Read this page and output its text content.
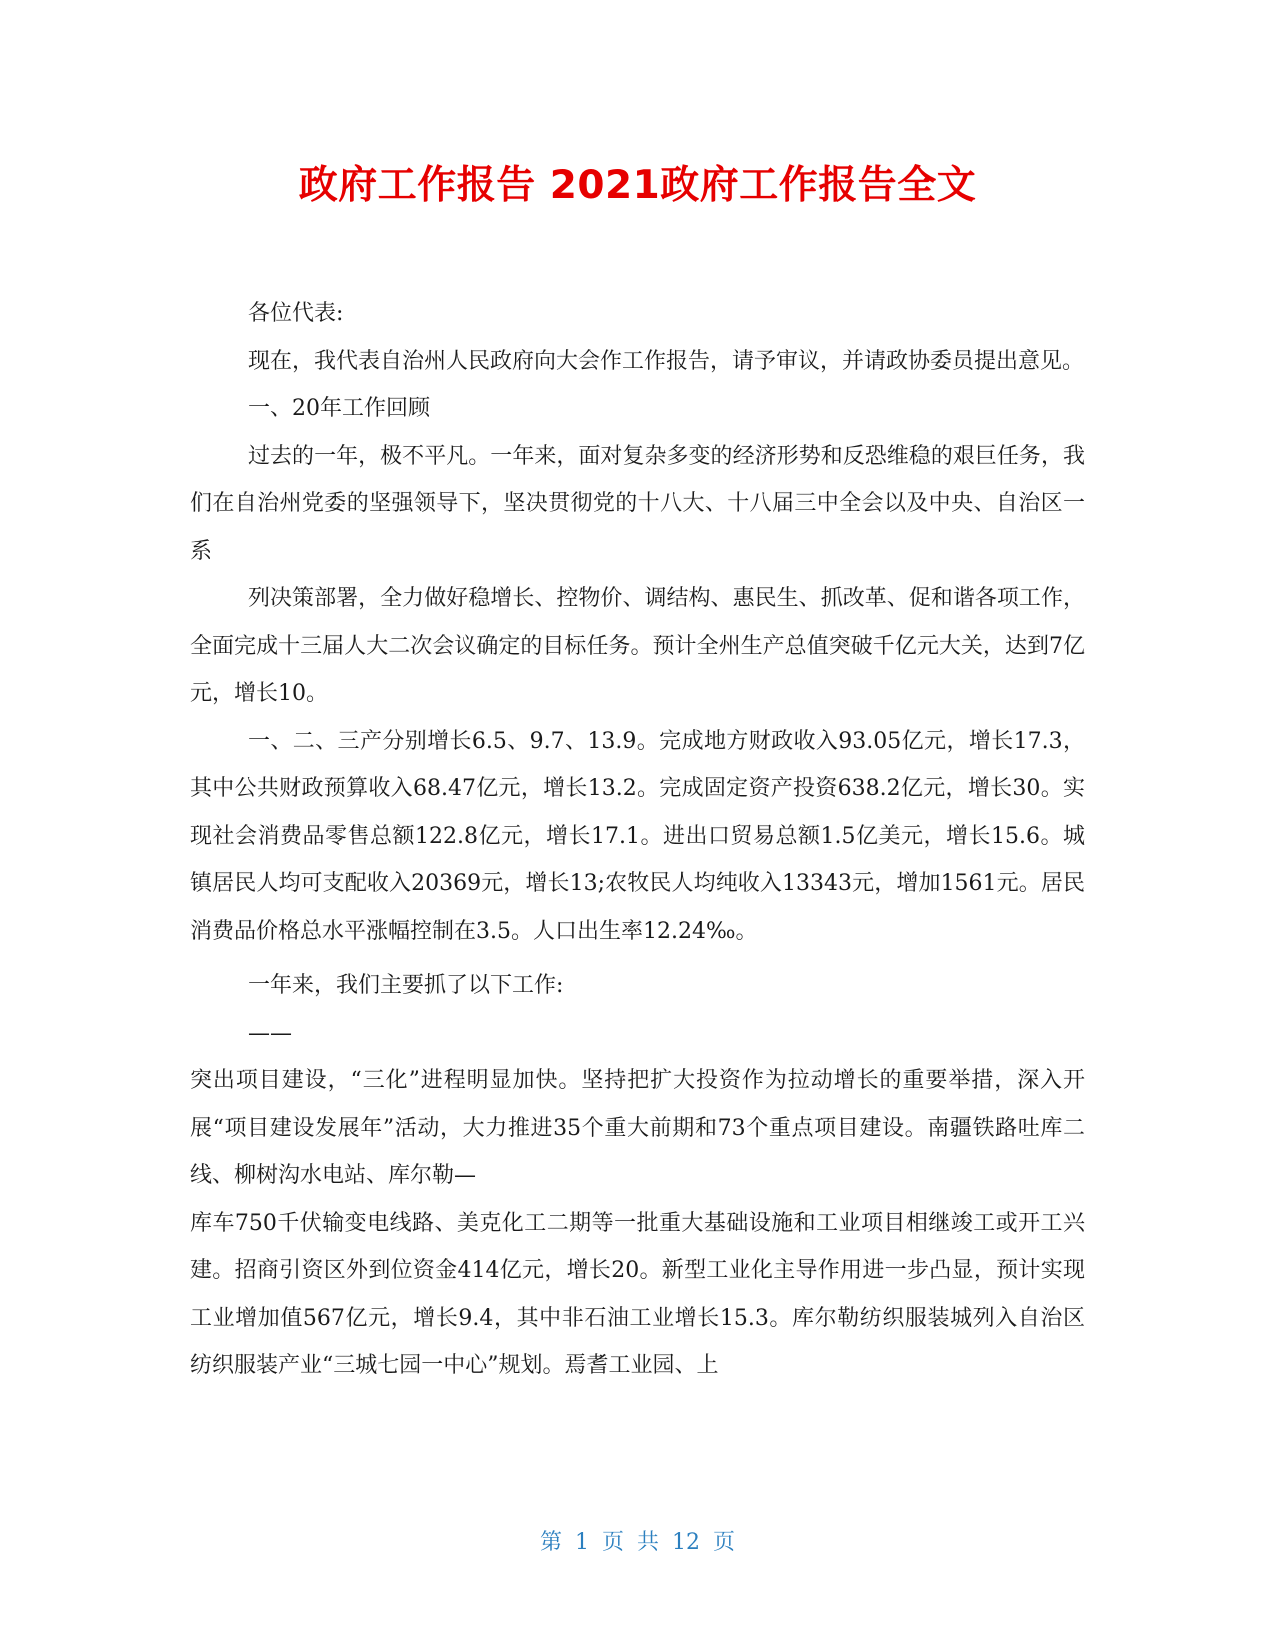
政府工作报告 2021政府工作报告全文

各位代表:

现在，我代表自治州人民政府向大会作工作报告，请予审议，并请政协委员提出意见。

一、20年工作回顾

过去的一年，极不平凡。一年来，面对复杂多变的经济形势和反恐维稳的艰巨任务，我们在自治州党委的坚强领导下，坚决贯彻党的十八大、十八届三中全会以及中央、自治区一系

列决策部署，全力做好稳增长、控物价、调结构、惠民生、抓改革、促和谐各项工作，全面完成十三届人大二次会议确定的目标任务。预计全州生产总值突破千亿元大关，达到7亿元，增长10。

一、二、三产分别增长6.5、9.7、13.9。完成地方财政收入93.05亿元，增长17.3，其中公共财政预算收入68.47亿元，增长13.2。完成固定资产投资638.2亿元，增长30。实现社会消费品零售总额122.8亿元，增长17.1。进出口贸易总额1.5亿美元，增长15.6。城镇居民人均可支配收入20369元，增长13;农牧民人均纯收入13343元，增加1561元。居民消费品价格总水平涨幅控制在3.5。人口出生率12.24‰。

一年来，我们主要抓了以下工作:

——

突出项目建设，“三化”进程明显加快。坚持把扩大投资作为拉动增长的重要举措，深入开展“项目建设发展年”活动，大力推进35个重大前期和73个重点项目建设。南疆铁路吐库二线、柳树沟水电站、库尔勒—

库车750千伏输变电线路、美克化工二期等一批重大基础设施和工业项目相继竣工或开工兴建。招商引资区外到位资金414亿元，增长20。新型工业化主导作用进一步凸显，预计实现工业增加值567亿元，增长9.4，其中非石油工业增长15.3。库尔勒纺织服装城列入自治区纺织服装产业“三城七园一中心”规划。焉耆工业园、上

第 1 页 共 12 页
